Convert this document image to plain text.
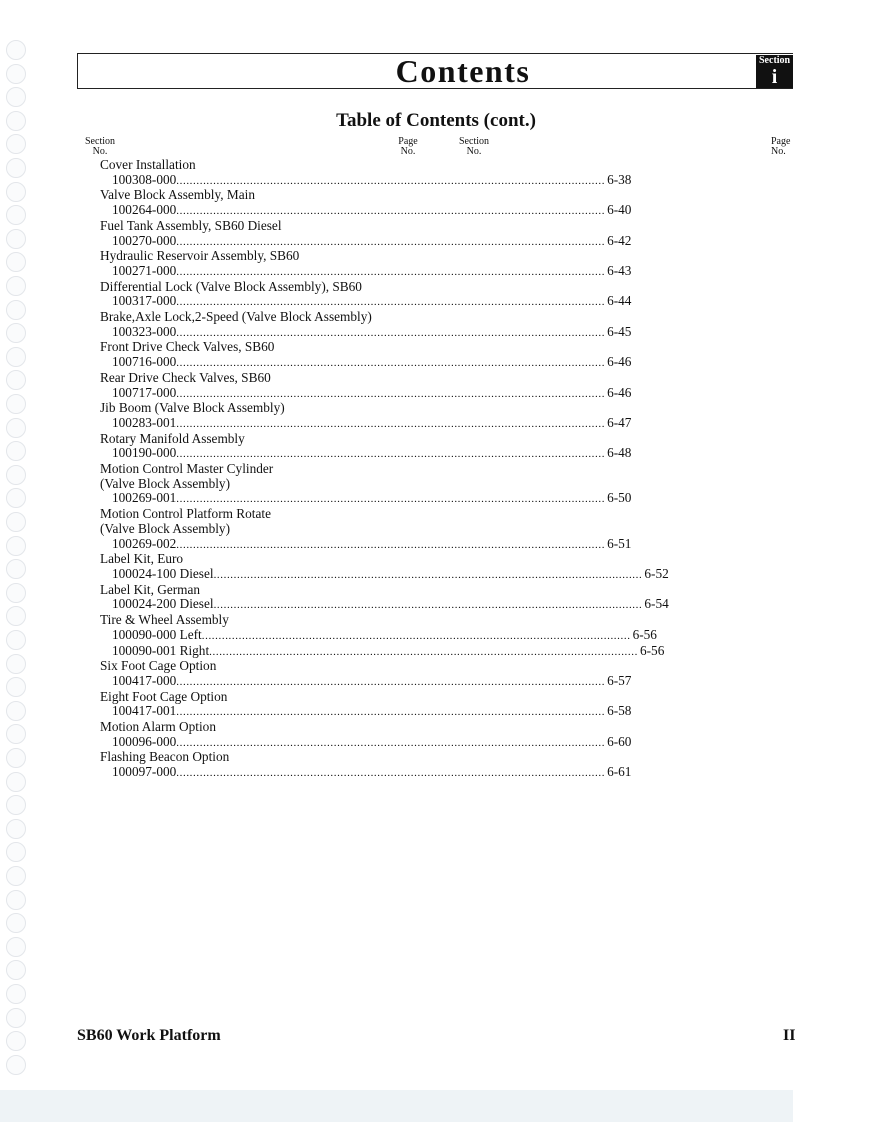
Contents	Section
i
Table of Contents (cont.)
Section
No.
Page
No.
Section
No.
Page
No.
Cover Installation
100308-000 .....	6-38
Valve Block Assembly, Main
100264-000 .....	6-40
Fuel Tank Assembly, SB60 Diesel
100270-000 .....	6-42
Hydraulic Reservoir Assembly, SB60
100271-000 .....	6-43
Differential Lock (Valve Block Assembly), SB60
100317-000 .....	6-44
Brake,Axle Lock,2-Speed (Valve Block Assembly)
100323-000 .....	6-45
Front Drive Check Valves, SB60
100716-000 .....	6-46
Rear Drive Check Valves, SB60
100717-000 .....	6-46
Jib Boom (Valve Block Assembly)
100283-001 .....	6-47
Rotary Manifold Assembly
100190-000 .....	6-48
Motion Control Master Cylinder
(Valve Block Assembly)
100269-001 .....	6-50
Motion Control Platform Rotate
(Valve Block Assembly)
100269-002 .....	6-51
Label Kit, Euro
100024-100 Diesel .....	6-52
Label Kit, German
100024-200 Diesel .....	6-54
Tire & Wheel Assembly
100090-000 Left .....	6-56
100090-001 Right .....	6-56
Six Foot Cage Option
100417-000 .....	6-57
Eight Foot Cage Option
100417-001 .....	6-58
Motion Alarm Option
100096-000 .....	6-60
Flashing Beacon Option
100097-000 .....	6-61
SB60 Work Platform	II
